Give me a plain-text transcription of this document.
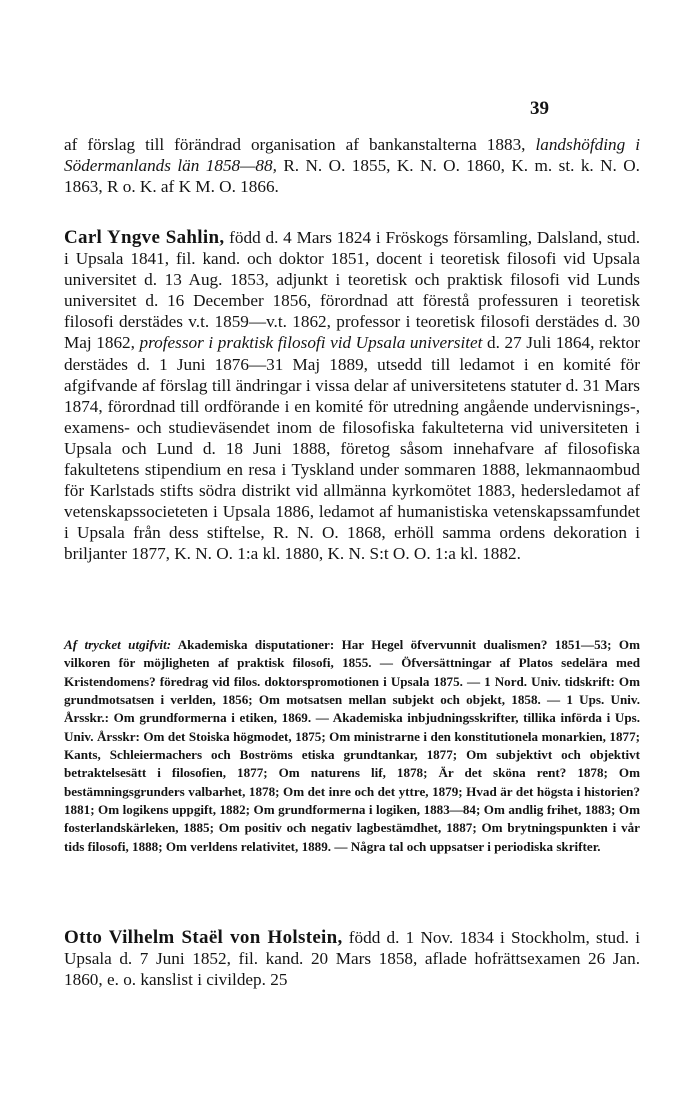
39

af förslag till förändrad organisation af bankanstalterna 1883, landshöfding i Södermanlands län 1858—88, R. N. O. 1855, K. N. O. 1860, K. m. st. k. N. O. 1863, R o. K. af K M. O. 1866.

Carl Yngve Sahlin, född d. 4 Mars 1824 i Fröskogs församling, Dalsland, stud. i Upsala 1841, fil. kand. och doktor 1851, docent i teoretisk filosofi vid Upsala universitet d. 13 Aug. 1853, adjunkt i teoretisk och praktisk filosofi vid Lunds universitet d. 16 December 1856, förordnad att förestå professuren i teoretisk filosofi derstädes v.t. 1859—v.t. 1862, professor i teoretisk filosofi derstädes d. 30 Maj 1862, professor i praktisk filosofi vid Upsala universitet d. 27 Juli 1864, rektor derstädes d. 1 Juni 1876—31 Maj 1889, utsedd till ledamot i en komité för afgifvande af förslag till ändringar i vissa delar af universitetens statuter d. 31 Mars 1874, förordnad till ordförande i en komité för utredning angående undervisnings-, examens- och studieväsendet inom de filosofiska fakulteterna vid universiteten i Upsala och Lund d. 18 Juni 1888, företog såsom innehafvare af filosofiska fakultetens stipendium en resa i Tyskland under sommaren 1888, lekmannaombud för Karlstads stifts södra distrikt vid allmänna kyrkomötet 1883, hedersledamot af vetenskapssocieteten i Upsala 1886, ledamot af humanistiska vetenskapssamfundet i Upsala från dess stiftelse, R. N. O. 1868, erhöll samma ordens dekoration i briljanter 1877, K. N. O. 1:a kl. 1880, K. N. S:t O. O. 1:a kl. 1882.

Af trycket utgifvit: Akademiska disputationer: Har Hegel öfvervunnit dualismen? 1851—53; Om vilkoren för möjligheten af praktisk filosofi, 1855. — Öfversättningar af Platos sedelära med Kristendomens? föredrag vid filos. doktorspromotionen i Upsala 1875. — 1 Nord. Univ. tidskrift: Om grundmotsatsen i verlden, 1856; Om motsatsen mellan subjekt och objekt, 1858. — 1 Ups. Univ. Årsskr.: Om grundformerna i etiken, 1869. — Akademiska inbjudningsskrifter, tillika införda i Ups. Univ. Årsskr: Om det Stoiska högmodet, 1875; Om ministrarne i den konstitutionela monarkien, 1877; Kants, Schleiermachers och Boströms etiska grundtankar, 1877; Om subjektivt och objektivt betraktelsesätt i filosofien, 1877; Om naturens lif, 1878; Är det sköna rent? 1878; Om bestämningsgrunders valbarhet, 1878; Om det inre och det yttre, 1879; Hvad är det högsta i historien? 1881; Om logikens uppgift, 1882; Om grundformerna i logiken, 1883—84; Om andlig frihet, 1883; Om fosterlandskärleken, 1885; Om positiv och negativ lagbestämdhet, 1887; Om brytningspunkten i vår tids filosofi, 1888; Om verldens relativitet, 1889. — Några tal och uppsatser i periodiska skrifter.

Otto Vilhelm Staël von Holstein, född d. 1 Nov. 1834 i Stockholm, stud. i Upsala d. 7 Juni 1852, fil. kand. 20 Mars 1858, aflade hofrättsexamen 26 Jan. 1860, e. o. kanslist i civildep. 25
